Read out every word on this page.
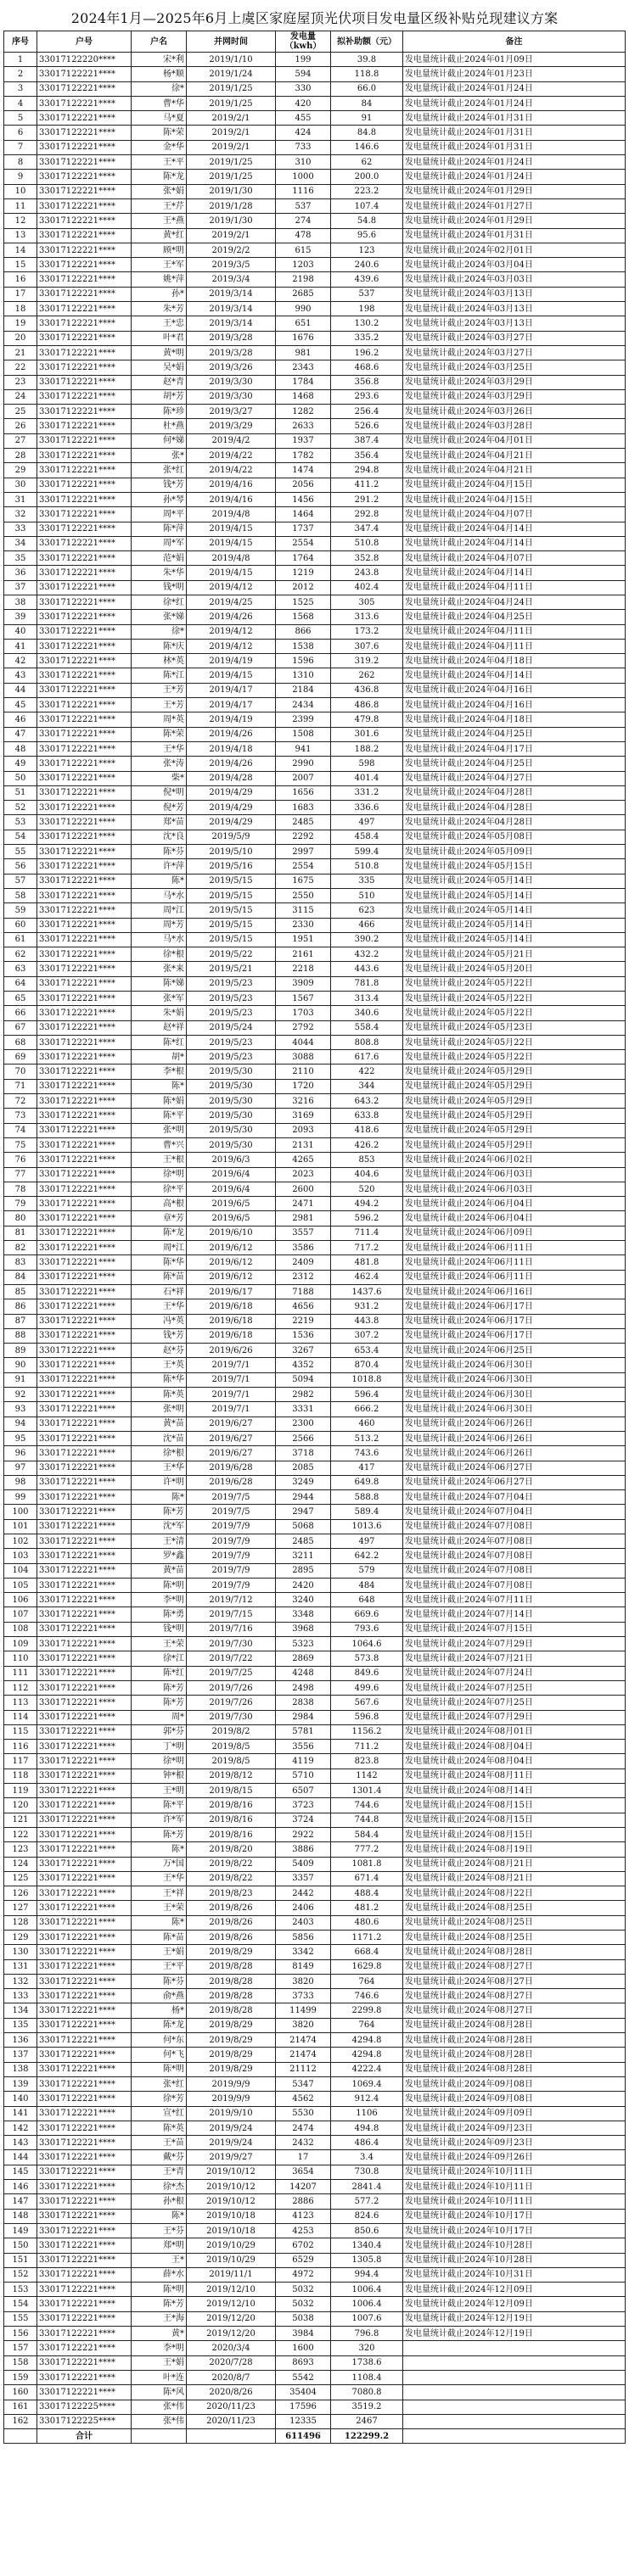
2024年1月—2025年6月上虞区家庭屋顶光伏项目发电量区级补贴兑现建议方案
序号	户号	户名	并网时间	发电量（kwh）	拟补助额（元）	备注
1	33017122220****	宋*利	2019/1/10	199	39.8	发电量统计截止2024年01月09日
2	33017122221****	杨*顺	2019/1/24	594	118.8	发电量统计截止2024年01月23日
3	33017122221****	徐*	2019/1/25	330	66.0	发电量统计截止2024年01月24日
4	33017122221****	曹*华	2019/1/25	420	84	发电量统计截止2024年01月24日
5	33017122221****	马*夏	2019/2/1	455	91	发电量统计截止2024年01月31日
6	33017122221****	陈*荣	2019/2/1	424	84.8	发电量统计截止2024年01月31日
7	33017122221****	金*华	2019/2/1	733	146.6	发电量统计截止2024年01月31日
8	33017122221****	王*平	2019/1/25	310	62	发电量统计截止2024年01月24日
9	33017122221****	陈*龙	2019/1/25	1000	200.0	发电量统计截止2024年01月24日
10	33017122221****	张*娟	2019/1/30	1116	223.2	发电量统计截止2024年01月29日
11	33017122221****	王*芹	2019/1/28	537	107.4	发电量统计截止2024年01月27日
12	33017122221****	王*燕	2019/1/30	274	54.8	发电量统计截止2024年01月29日
13	33017122221****	黄*红	2019/2/1	478	95.6	发电量统计截止2024年01月31日
14	33017122221****	顾*明	2019/2/2	615	123	发电量统计截止2024年02月01日
15	33017122221****	王*军	2019/3/5	1203	240.6	发电量统计截止2024年03月04日
16	33017122221****	姚*萍	2019/3/4	2198	439.6	发电量统计截止2024年03月03日
17	33017122221****	孙*	2019/3/14	2685	537	发电量统计截止2024年03月13日
18	33017122221****	朱*芳	2019/3/14	990	198	发电量统计截止2024年03月13日
19	33017122221****	王*忠	2019/3/14	651	130.2	发电量统计截止2024年03月13日
20	33017122221****	叶*君	2019/3/28	1676	335.2	发电量统计截止2024年03月27日
21	33017122221****	黄*明	2019/3/28	981	196.2	发电量统计截止2024年03月27日
22	33017122221****	吴*娟	2019/3/26	2343	468.6	发电量统计截止2024年03月25日
23	33017122221****	赵*青	2019/3/30	1784	356.8	发电量统计截止2024年03月29日
24	33017122221****	胡*芳	2019/3/30	1468	293.6	发电量统计截止2024年03月29日
25	33017122221****	陈*珍	2019/3/27	1282	256.4	发电量统计截止2024年03月26日
26	33017122221****	杜*燕	2019/3/29	2633	526.6	发电量统计截止2024年03月28日
27	33017122221****	何*娣	2019/4/2	1937	387.4	发电量统计截止2024年04月01日
28	33017122221****	张*	2019/4/22	1782	356.4	发电量统计截止2024年04月21日
29	33017122221****	张*红	2019/4/22	1474	294.8	发电量统计截止2024年04月21日
30	33017122221****	钱*芳	2019/4/16	2056	411.2	发电量统计截止2024年04月15日
31	33017122221****	孙*琴	2019/4/16	1456	291.2	发电量统计截止2024年04月15日
32	33017122221****	周*平	2019/4/8	1464	292.8	发电量统计截止2024年04月07日
33	33017122221****	陈*萍	2019/4/15	1737	347.4	发电量统计截止2024年04月14日
34	33017122221****	周*军	2019/4/15	2554	510.8	发电量统计截止2024年04月14日
35	33017122221****	范*娟	2019/4/8	1764	352.8	发电量统计截止2024年04月07日
36	33017122221****	朱*华	2019/4/15	1219	243.8	发电量统计截止2024年04月14日
37	33017122221****	钱*明	2019/4/12	2012	402.4	发电量统计截止2024年04月11日
38	33017122221****	徐*红	2019/4/25	1525	305	发电量统计截止2024年04月24日
39	33017122221****	张*娣	2019/4/26	1568	313.6	发电量统计截止2024年04月25日
40	33017122221****	徐*	2019/4/12	866	173.2	发电量统计截止2024年04月11日
41	33017122221****	陈*庆	2019/4/12	1538	307.6	发电量统计截止2024年04月11日
42	33017122221****	林*英	2019/4/19	1596	319.2	发电量统计截止2024年04月18日
43	33017122221****	陈*江	2019/4/15	1310	262	发电量统计截止2024年04月14日
44	33017122221****	王*芳	2019/4/17	2184	436.8	发电量统计截止2024年04月16日
45	33017122221****	王*芳	2019/4/17	2434	486.8	发电量统计截止2024年04月16日
46	33017122221****	周*英	2019/4/19	2399	479.8	发电量统计截止2024年04月18日
47	33017122221****	陈*荣	2019/4/26	1508	301.6	发电量统计截止2024年04月25日
48	33017122221****	王*华	2019/4/18	941	188.2	发电量统计截止2024年04月17日
49	33017122221****	张*涛	2019/4/26	2990	598	发电量统计截止2024年04月25日
50	33017122221****	柴*	2019/4/28	2007	401.4	发电量统计截止2024年04月27日
51	33017122221****	倪*明	2019/4/29	1656	331.2	发电量统计截止2024年04月28日
52	33017122221****	倪*芳	2019/4/29	1683	336.6	发电量统计截止2024年04月28日
53	33017122221****	郑*苗	2019/4/29	2485	497	发电量统计截止2024年04月28日
54	33017122221****	沈*良	2019/5/9	2292	458.4	发电量统计截止2024年05月08日
55	33017122221****	陈*芬	2019/5/10	2997	599.4	发电量统计截止2024年05月09日
56	33017122221****	许*萍	2019/5/16	2554	510.8	发电量统计截止2024年05月15日
57	33017122221****	陈*	2019/5/15	1675	335	发电量统计截止2024年05月14日
58	33017122221****	马*水	2019/5/15	2550	510	发电量统计截止2024年05月14日
59	33017122221****	周*江	2019/5/15	3115	623	发电量统计截止2024年05月14日
60	33017122221****	周*芳	2019/5/15	2330	466	发电量统计截止2024年05月14日
61	33017122221****	马*水	2019/5/15	1951	390.2	发电量统计截止2024年05月14日
62	33017122221****	徐*根	2019/5/22	2161	432.2	发电量统计截止2024年05月21日
63	33017122221****	张*来	2019/5/21	2218	443.6	发电量统计截止2024年05月20日
64	33017122221****	陈*娣	2019/5/23	3909	781.8	发电量统计截止2024年05月22日
65	33017122221****	张*军	2019/5/23	1567	313.4	发电量统计截止2024年05月22日
66	33017122221****	朱*娟	2019/5/23	1703	340.6	发电量统计截止2024年05月22日
67	33017122221****	赵*祥	2019/5/24	2792	558.4	发电量统计截止2024年05月23日
68	33017122221****	陈*红	2019/5/23	4044	808.8	发电量统计截止2024年05月22日
69	33017122221****	胡*	2019/5/23	3088	617.6	发电量统计截止2024年05月22日
70	33017122221****	李*根	2019/5/30	2110	422	发电量统计截止2024年05月29日
71	33017122221****	陈*	2019/5/30	1720	344	发电量统计截止2024年05月29日
72	33017122221****	陈*娟	2019/5/30	3216	643.2	发电量统计截止2024年05月29日
73	33017122221****	陈*平	2019/5/30	3169	633.8	发电量统计截止2024年05月29日
74	33017122221****	张*明	2019/5/30	2093	418.6	发电量统计截止2024年05月29日
75	33017122221****	曹*兴	2019/5/30	2131	426.2	发电量统计截止2024年05月29日
76	33017122221****	王*根	2019/6/3	4265	853	发电量统计截止2024年06月02日
77	33017122221****	徐*明	2019/6/4	2023	404.6	发电量统计截止2024年06月03日
78	33017122221****	徐*平	2019/6/4	2600	520	发电量统计截止2024年06月03日
79	33017122221****	高*根	2019/6/5	2471	494.2	发电量统计截止2024年06月04日
80	33017122221****	章*芳	2019/6/5	2981	596.2	发电量统计截止2024年06月04日
81	33017122221****	陈*龙	2019/6/10	3557	711.4	发电量统计截止2024年06月09日
82	33017122221****	周*江	2019/6/12	3586	717.2	发电量统计截止2024年06月11日
83	33017122221****	陈*华	2019/6/12	2409	481.8	发电量统计截止2024年06月11日
84	33017122221****	陈*苗	2019/6/12	2312	462.4	发电量统计截止2024年06月11日
85	33017122221****	石*祥	2019/6/17	7188	1437.6	发电量统计截止2024年06月16日
86	33017122221****	王*华	2019/6/18	4656	931.2	发电量统计截止2024年06月17日
87	33017122221****	冯*英	2019/6/18	2219	443.8	发电量统计截止2024年06月17日
88	33017122221****	钱*芳	2019/6/18	1536	307.2	发电量统计截止2024年06月17日
89	33017122221****	赵*芬	2019/6/26	3267	653.4	发电量统计截止2024年06月25日
90	33017122221****	王*英	2019/7/1	4352	870.4	发电量统计截止2024年06月30日
91	33017122221****	陈*华	2019/7/1	5094	1018.8	发电量统计截止2024年06月30日
92	33017122221****	陈*英	2019/7/1	2982	596.4	发电量统计截止2024年06月30日
93	33017122221****	张*明	2019/7/1	3331	666.2	发电量统计截止2024年06月30日
94	33017122221****	黄*苗	2019/6/27	2300	460	发电量统计截止2024年06月26日
95	33017122221****	沈*苗	2019/6/27	2566	513.2	发电量统计截止2024年06月26日
96	33017122221****	徐*根	2019/6/27	3718	743.6	发电量统计截止2024年06月26日
97	33017122221****	王*华	2019/6/28	2085	417	发电量统计截止2024年06月27日
98	33017122221****	许*明	2019/6/28	3249	649.8	发电量统计截止2024年06月27日
99	33017122221****	陈*	2019/7/5	2944	588.8	发电量统计截止2024年07月04日
100	33017122221****	陈*芳	2019/7/5	2947	589.4	发电量统计截止2024年07月04日
101	33017122221****	沈*军	2019/7/9	5068	1013.6	发电量统计截止2024年07月08日
102	33017122221****	王*清	2019/7/9	2485	497	发电量统计截止2024年07月08日
103	33017122221****	罗*鑫	2019/7/9	3211	642.2	发电量统计截止2024年07月08日
104	33017122221****	黄*苗	2019/7/9	2895	579	发电量统计截止2024年07月08日
105	33017122221****	陈*明	2019/7/9	2420	484	发电量统计截止2024年07月08日
106	33017122221****	李*明	2019/7/12	3240	648	发电量统计截止2024年07月11日
107	33017122221****	陈*勇	2019/7/15	3348	669.6	发电量统计截止2024年07月14日
108	33017122221****	钱*明	2019/7/16	3968	793.6	发电量统计截止2024年07月15日
109	33017122221****	王*荣	2019/7/30	5323	1064.6	发电量统计截止2024年07月29日
110	33017122221****	徐*江	2019/7/22	2869	573.8	发电量统计截止2024年07月21日
111	33017122221****	陈*红	2019/7/25	4248	849.6	发电量统计截止2024年07月24日
112	33017122221****	陈*芳	2019/7/26	2498	499.6	发电量统计截止2024年07月25日
113	33017122221****	陈*芳	2019/7/26	2838	567.6	发电量统计截止2024年07月25日
114	33017122221****	周*	2019/7/30	2984	596.8	发电量统计截止2024年07月29日
115	33017122221****	郭*芬	2019/8/2	5781	1156.2	发电量统计截止2024年08月01日
116	33017122221****	丁*明	2019/8/5	3556	711.2	发电量统计截止2024年08月04日
117	33017122221****	徐*明	2019/8/5	4119	823.8	发电量统计截止2024年08月04日
118	33017122221****	钟*根	2019/8/12	5710	1142	发电量统计截止2024年08月11日
119	33017122221****	王*明	2019/8/15	6507	1301.4	发电量统计截止2024年08月14日
120	33017122221****	陈*平	2019/8/16	3723	744.6	发电量统计截止2024年08月15日
121	33017122221****	许*军	2019/8/16	3724	744.8	发电量统计截止2024年08月15日
122	33017122221****	陈*芳	2019/8/16	2922	584.4	发电量统计截止2024年08月15日
123	33017122221****	陈*	2019/8/20	3886	777.2	发电量统计截止2024年08月19日
124	33017122221****	万*国	2019/8/22	5409	1081.8	发电量统计截止2024年08月21日
125	33017122221****	王*华	2019/8/22	3357	671.4	发电量统计截止2024年08月21日
126	33017122221****	王*祥	2019/8/23	2442	488.4	发电量统计截止2024年08月22日
127	33017122221****	王*荣	2019/8/26	2406	481.2	发电量统计截止2024年08月25日
128	33017122221****	陈*	2019/8/26	2403	480.6	发电量统计截止2024年08月25日
129	33017122221****	陈*苗	2019/8/26	5856	1171.2	发电量统计截止2024年08月25日
130	33017122221****	王*娟	2019/8/29	3342	668.4	发电量统计截止2024年08月28日
131	33017122221****	王*平	2019/8/28	8149	1629.8	发电量统计截止2024年08月27日
132	33017122221****	陈*芬	2019/8/28	3820	764	发电量统计截止2024年08月27日
133	33017122221****	俞*燕	2019/8/28	3733	746.6	发电量统计截止2024年08月27日
134	33017122221****	杨*	2019/8/28	11499	2299.8	发电量统计截止2024年08月27日
135	33017122221****	陈*龙	2019/8/29	3820	764	发电量统计截止2024年08月28日
136	33017122221****	何*东	2019/8/29	21474	4294.8	发电量统计截止2024年08月28日
137	33017122221****	何*飞	2019/8/29	21474	4294.8	发电量统计截止2024年08月28日
138	33017122221****	陈*明	2019/8/29	21112	4222.4	发电量统计截止2024年08月28日
139	33017122221****	张*红	2019/9/9	5347	1069.4	发电量统计截止2024年09月08日
140	33017122221****	徐*芳	2019/9/9	4562	912.4	发电量统计截止2024年09月08日
141	33017122221****	宣*红	2019/9/10	5530	1106	发电量统计截止2024年09月09日
142	33017122221****	陈*英	2019/9/24	2474	494.8	发电量统计截止2024年09月23日
143	33017122221****	王*苗	2019/9/24	2432	486.4	发电量统计截止2024年09月23日
144	33017122221****	戴*芬	2019/9/27	17	3.4	发电量统计截止2024年09月26日
145	33017122221****	王*青	2019/10/12	3654	730.8	发电量统计截止2024年10月11日
146	33017122221****	徐*杰	2019/10/12	14207	2841.4	发电量统计截止2024年10月11日
147	33017122221****	孙*根	2019/10/12	2886	577.2	发电量统计截止2024年10月11日
148	33017122221****	陈*	2019/10/18	4123	824.6	发电量统计截止2024年10月17日
149	33017122221****	王*芬	2019/10/18	4253	850.6	发电量统计截止2024年10月17日
150	33017122221****	郑*明	2019/10/29	6702	1340.4	发电量统计截止2024年10月28日
151	33017122221****	王*	2019/10/29	6529	1305.8	发电量统计截止2024年10月28日
152	33017122221****	薛*水	2019/11/1	4972	994.4	发电量统计截止2024年10月31日
153	33017122221****	陈*明	2019/12/10	5032	1006.4	发电量统计截止2024年12月09日
154	33017122221****	陈*芳	2019/12/10	5032	1006.4	发电量统计截止2024年12月09日
155	33017122221****	王*海	2019/12/20	5038	1007.6	发电量统计截止2024年12月19日
156	33017122221****	黄*	2019/12/20	3984	796.8	发电量统计截止2024年12月19日
157	33017122221****	李*明	2020/3/4	1600	320	
158	33017122221****	王*娟	2020/7/28	8693	1738.6	
159	33017122221****	叶*连	2020/8/7	5542	1108.4	
160	33017122221****	陈*风	2020/8/26	35404	7080.8	
161	33017122225****	张*伟	2020/11/23	17596	3519.2	
162	33017122225****	张*伟	2020/11/23	12335	2467	
	合计			611496	122299.2	
